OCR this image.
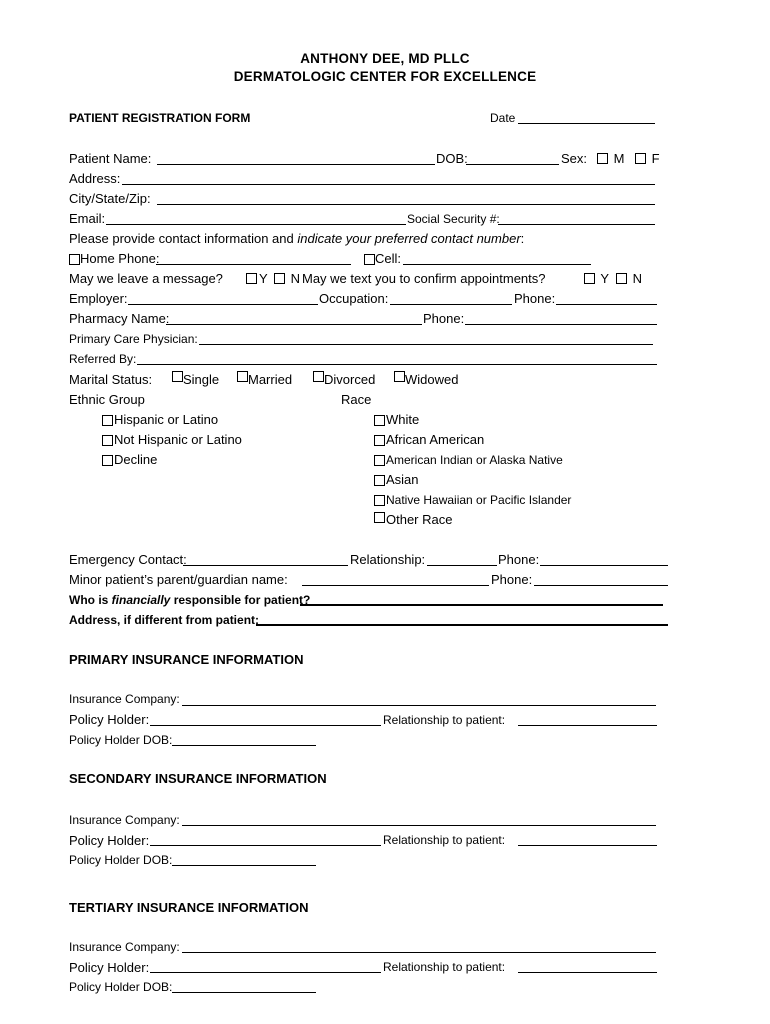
ANTHONY DEE, MD PLLC
DERMATOLOGIC CENTER FOR EXCELLENCE
PATIENT REGISTRATION FORM	Date
Patient Name:	DOB:	Sex:	M	F
Address:
City/State/Zip:
Email:	Social Security #:
Please provide contact information and indicate your preferred contact number:
Home Phone:	Cell:
May we leave a message?	Y	N May we text you to confirm appointments?	Y	N
Employer:	Occupation:	Phone:
Pharmacy Name:	Phone:
Primary Care Physician:
Referred By:
Marital Status: Single Married Divorced Widowed
Ethnic Group	Race
Hispanic or Latino
Not Hispanic or Latino
Decline
White
African American
American Indian or Alaska Native
Asian
Native Hawaiian or Pacific Islander
Other Race
Emergency Contact:	Relationship:	Phone:
Minor patient’s parent/guardian name:	Phone:
Who is financially responsible for patient?
Address, if different from patient:
PRIMARY INSURANCE INFORMATION
Insurance Company:
Policy Holder:	Relationship to patient:
Policy Holder DOB:
SECONDARY INSURANCE INFORMATION
Insurance Company:
Policy Holder:	Relationship to patient:
Policy Holder DOB:
TERTIARY INSURANCE INFORMATION
Insurance Company:
Policy Holder:	Relationship to patient:
Policy Holder DOB:
